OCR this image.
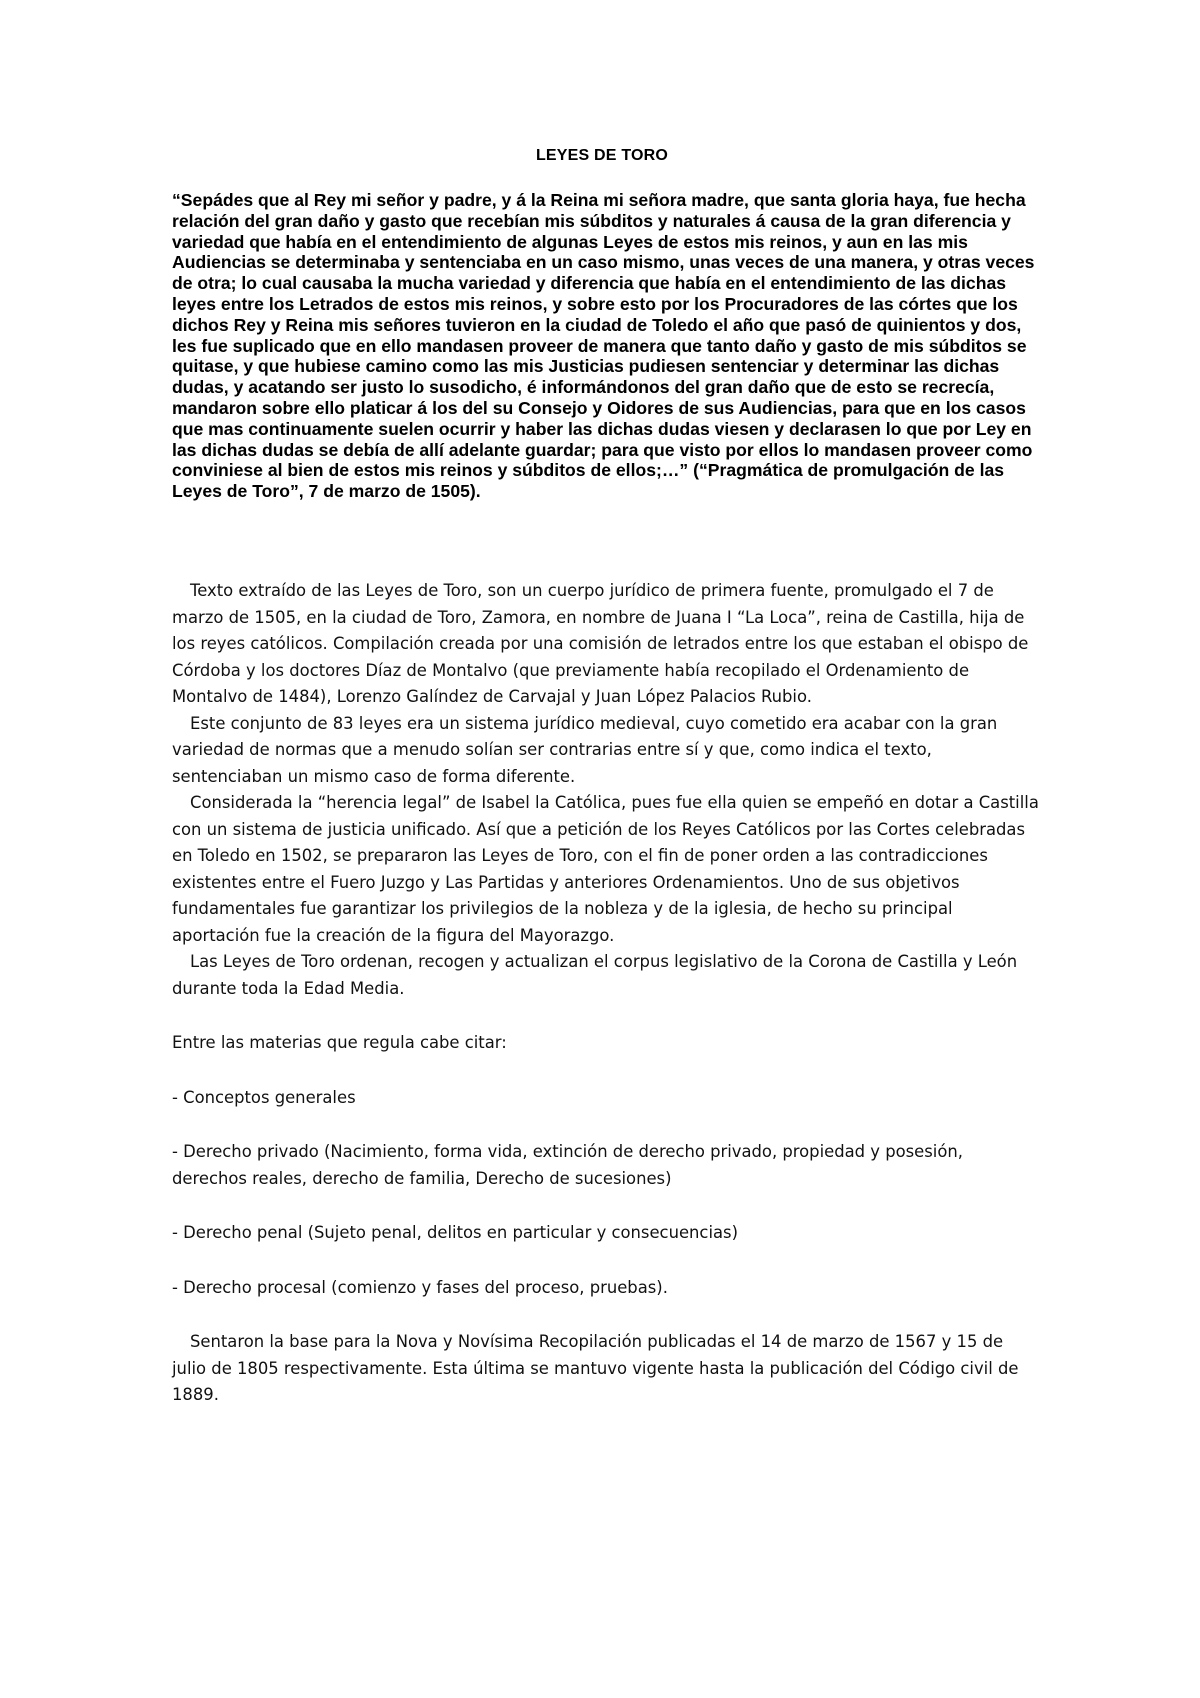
LEYES DE TORO

“Sepádes que al Rey mi señor y padre, y á la Reina mi señora madre, que santa gloria haya, fue hecha relación del gran daño y gasto que recebían mis súbditos y naturales á causa de la gran diferencia y variedad que había en el entendimiento de algunas Leyes de estos mis reinos, y aun en las mis Audiencias se determinaba y sentenciaba en un caso mismo, unas veces de una manera, y otras veces de otra; lo cual causaba la mucha variedad y diferencia que había en el entendimiento de las dichas leyes entre los Letrados de estos mis reinos, y sobre esto por los Procuradores de las córtes que los dichos Rey y Reina mis señores tuvieron en la ciudad de Toledo el año que pasó de quinientos y dos, les fue suplicado que en ello mandasen proveer de manera que tanto daño y gasto de mis súbditos se quitase, y que hubiese camino como las mis Justicias pudiesen sentenciar y determinar las dichas dudas, y acatando ser justo lo susodicho, é informándonos del gran daño que de esto se recrecía, mandaron sobre ello platicar á los del su Consejo y Oidores de sus Audiencias, para que en los casos que mas continuamente suelen ocurrir y haber las dichas dudas viesen y declarasen lo que por Ley en las dichas dudas se debía de allí adelante guardar; para que visto por ellos lo mandasen proveer como conviniese al bien de estos mis reinos y súbditos de ellos;…” (“Pragmática de promulgación de las Leyes de Toro”, 7 de marzo de 1505).

Texto extraído de las Leyes de Toro, son un cuerpo jurídico de primera fuente, promulgado el 7 de marzo de 1505, en la ciudad de Toro, Zamora, en nombre de Juana I “La Loca”, reina de Castilla, hija de los reyes católicos. Compilación creada por una comisión de letrados entre los que estaban el obispo de Córdoba y los doctores Díaz de Montalvo (que previamente había recopilado el Ordenamiento de Montalvo de 1484), Lorenzo Galíndez de Carvajal y Juan López Palacios Rubio.

Este conjunto de 83 leyes era un sistema jurídico medieval, cuyo cometido era acabar con la gran variedad de normas que a menudo solían ser contrarias entre sí y que, como indica el texto, sentenciaban un mismo caso de forma diferente.

Considerada la “herencia legal” de Isabel la Católica, pues fue ella quien se empeñó en dotar a Castilla con un sistema de justicia unificado. Así que a petición de los Reyes Católicos por las Cortes celebradas en Toledo en 1502, se prepararon las Leyes de Toro, con el fin de poner orden a las contradicciones existentes entre el Fuero Juzgo y Las Partidas y anteriores Ordenamientos. Uno de sus objetivos fundamentales fue garantizar los privilegios de la nobleza y de la iglesia, de hecho su principal aportación fue la creación de la figura del Mayorazgo.

Las Leyes de Toro ordenan, recogen y actualizan el corpus legislativo de la Corona de Castilla y León durante toda la Edad Media.

Entre las materias que regula cabe citar:

- Conceptos generales

- Derecho privado (Nacimiento, forma vida, extinción de derecho privado, propiedad y posesión, derechos reales, derecho de familia, Derecho de sucesiones)

- Derecho penal (Sujeto penal, delitos en particular y consecuencias)

- Derecho procesal (comienzo y fases del proceso, pruebas).

Sentaron la base para la Nova y Novísima Recopilación publicadas el 14 de marzo de 1567 y 15 de julio de 1805 respectivamente. Esta última se mantuvo vigente hasta la publicación del Código civil de 1889.
